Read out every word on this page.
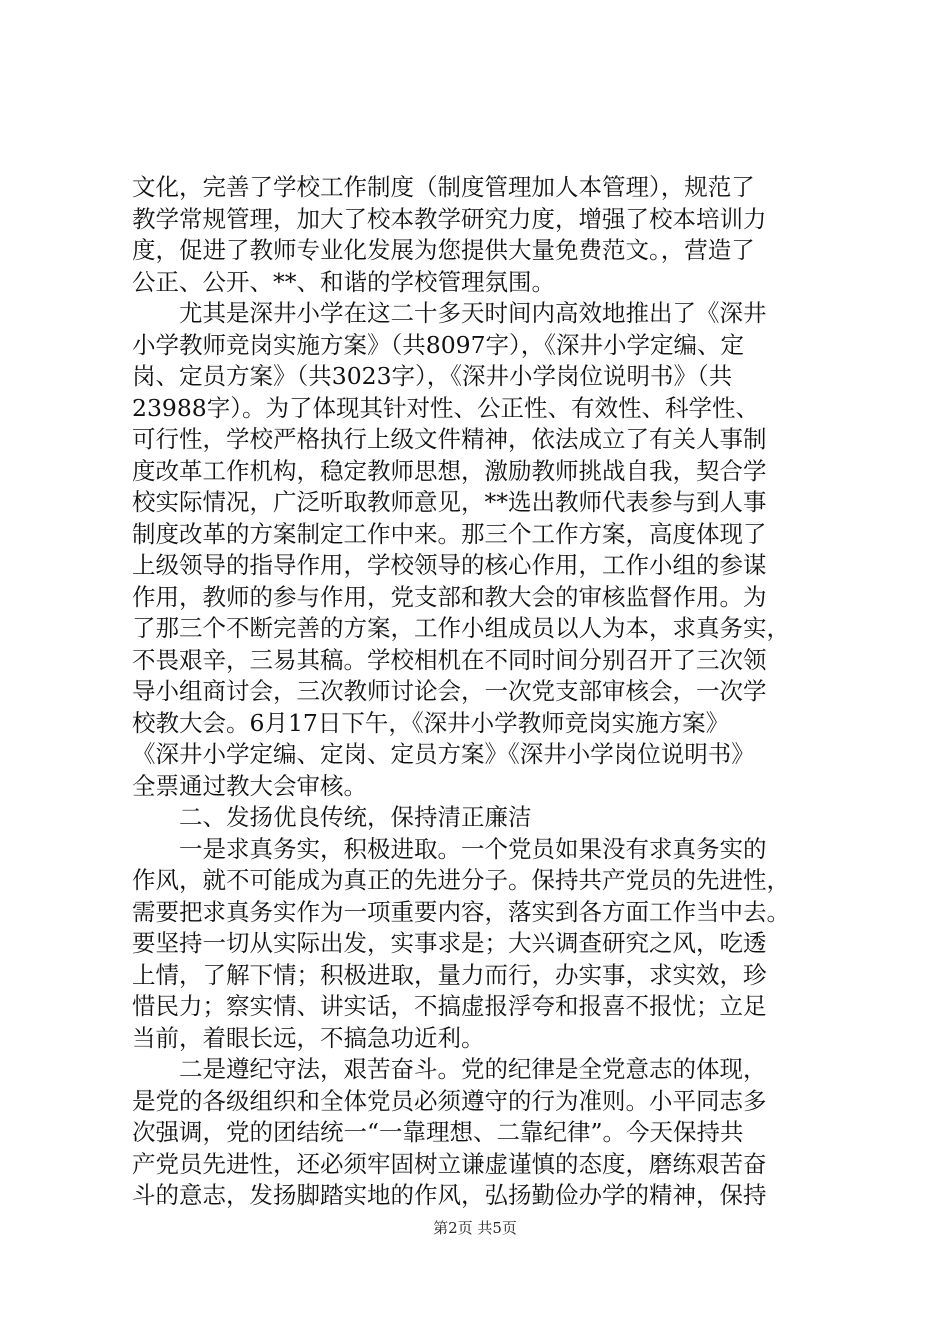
文化，完善了学校工作制度（制度管理加人本管理），规范了
教学常规管理，加大了校本教学研究力度，增强了校本培训力
度，促进了教师专业化发展为您提供大量免费范文。，营造了
公正、公开、**、和谐的学校管理氛围。
尤其是深井小学在这二十多天时间内高效地推出了《深井
小学教师竞岗实施方案》（共8097字），《深井小学定编、定
岗、定员方案》（共3023字），《深井小学岗位说明书》（共
23988字）。为了体现其针对性、公正性、有效性、科学性、
可行性，学校严格执行上级文件精神，依法成立了有关人事制
度改革工作机构，稳定教师思想，激励教师挑战自我，契合学
校实际情况，广泛听取教师意见，**选出教师代表参与到人事
制度改革的方案制定工作中来。那三个工作方案，高度体现了
上级领导的指导作用，学校领导的核心作用，工作小组的参谋
作用，教师的参与作用，党支部和教大会的审核监督作用。为
了那三个不断完善的方案，工作小组成员以人为本，求真务实，
不畏艰辛，三易其稿。学校相机在不同时间分别召开了三次领
导小组商讨会，三次教师讨论会，一次党支部审核会，一次学
校教大会。6月17日下午，《深井小学教师竞岗实施方案》
《深井小学定编、定岗、定员方案》《深井小学岗位说明书》
全票通过教大会审核。
二、发扬优良传统，保持清正廉洁
一是求真务实，积极进取。一个党员如果没有求真务实的
作风，就不可能成为真正的先进分子。保持共产党员的先进性，
需要把求真务实作为一项重要内容，落实到各方面工作当中去。
要坚持一切从实际出发，实事求是；大兴调查研究之风，吃透
上情，了解下情；积极进取，量力而行，办实事，求实效，珍
惜民力；察实情、讲实话，不搞虚报浮夸和报喜不报忧；立足
当前，着眼长远，不搞急功近利。
二是遵纪守法，艰苦奋斗。党的纪律是全党意志的体现，
是党的各级组织和全体党员必须遵守的行为准则。小平同志多
次强调，党的团结统一“一靠理想、二靠纪律”。今天保持共
产党员先进性，还必须牢固树立谦虚谨慎的态度，磨练艰苦奋
斗的意志，发扬脚踏实地的作风，弘扬勤俭办学的精神，保持
第2页 共5页
